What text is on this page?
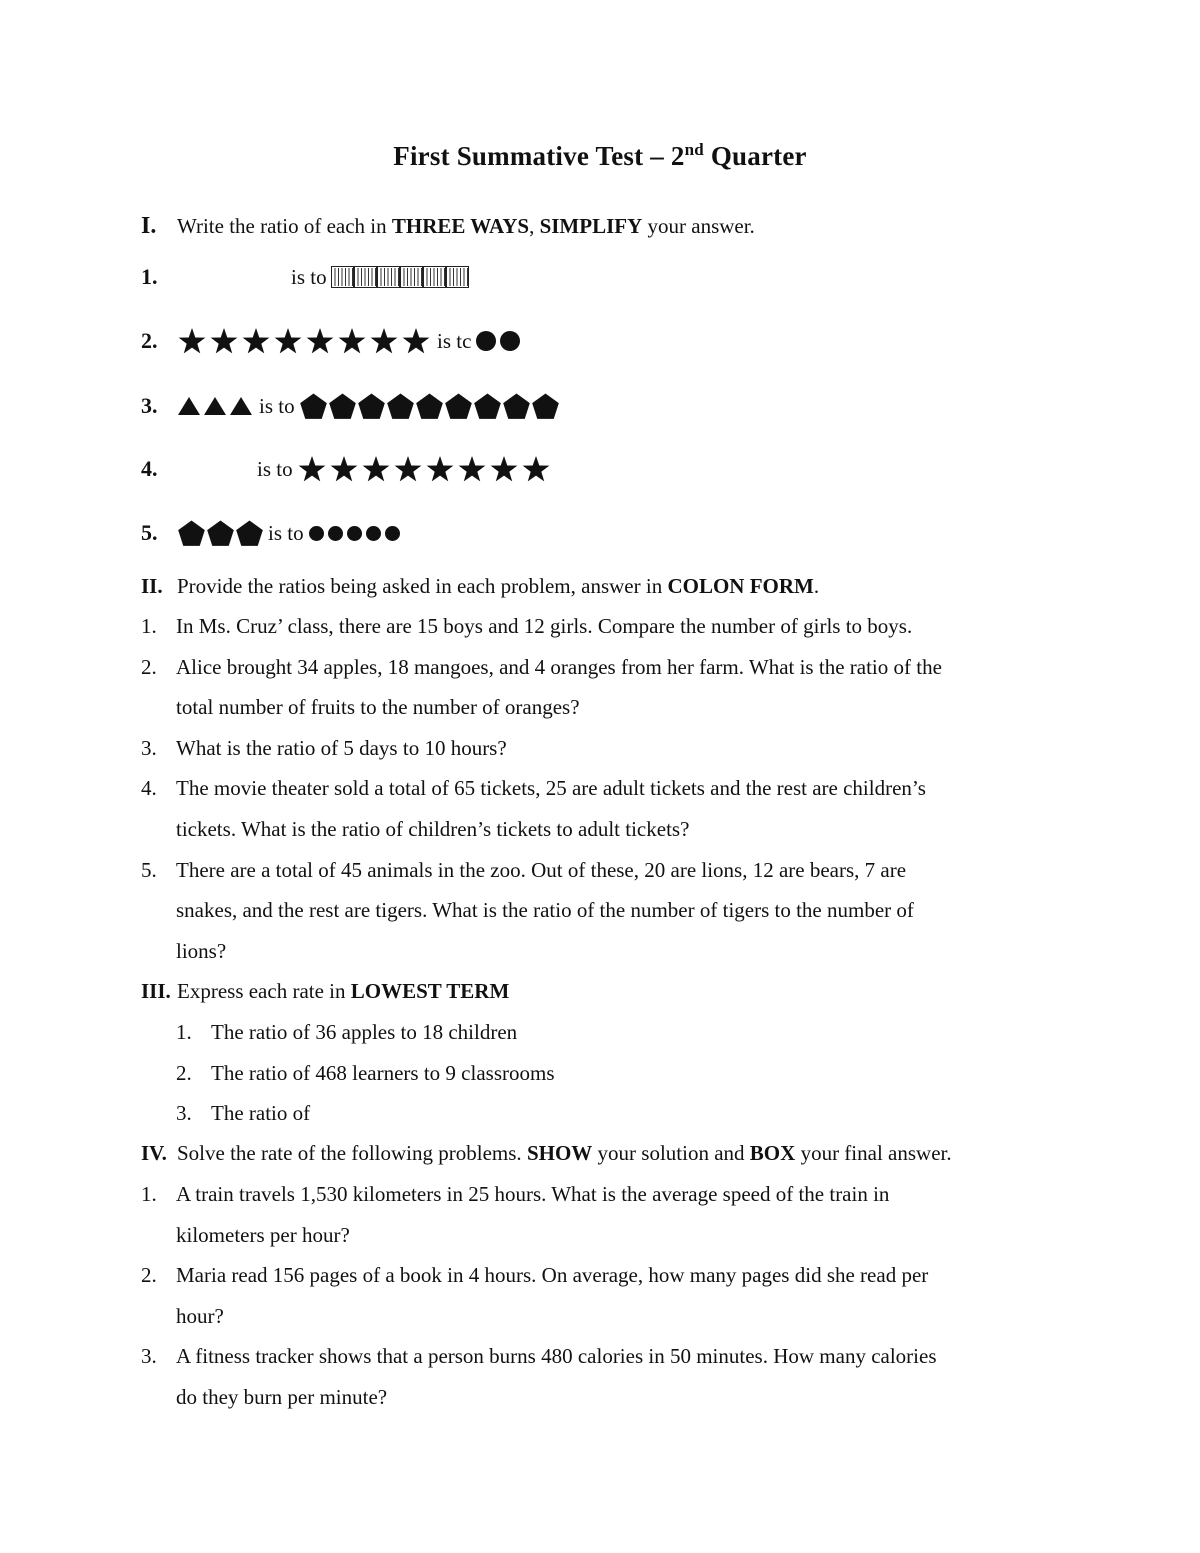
First Summative Test – 2nd Quarter
I. Write the ratio of each in THREE WAYS, SIMPLIFY your answer.
1.	is to
2.	is tc
3.	is to
4.	is to
5.	is to
II. Provide the ratios being asked in each problem, answer in COLON FORM.
1. In Ms. Cruz’ class, there are 15 boys and 12 girls. Compare the number of girls to boys.
2. Alice brought 34 apples, 18 mangoes, and 4 oranges from her farm. What is the ratio of the
total number of fruits to the number of oranges?
3. What is the ratio of 5 days to 10 hours?
4. The movie theater sold a total of 65 tickets, 25 are adult tickets and the rest are children’s
tickets. What is the ratio of children’s tickets to adult tickets?
5. There are a total of 45 animals in the zoo. Out of these, 20 are lions, 12 are bears, 7 are
snakes, and the rest are tigers. What is the ratio of the number of tigers to the number of
lions?
III. Express each rate in LOWEST TERM
1. The ratio of 36 apples to 18 children
2. The ratio of 468 learners to 9 classrooms
3. The ratio of
IV. Solve the rate of the following problems. SHOW your solution and BOX your final answer.
1. A train travels 1,530 kilometers in 25 hours. What is the average speed of the train in
kilometers per hour?
2. Maria read 156 pages of a book in 4 hours. On average, how many pages did she read per
hour?
3. A fitness tracker shows that a person burns 480 calories in 50 minutes. How many calories
do they burn per minute?
